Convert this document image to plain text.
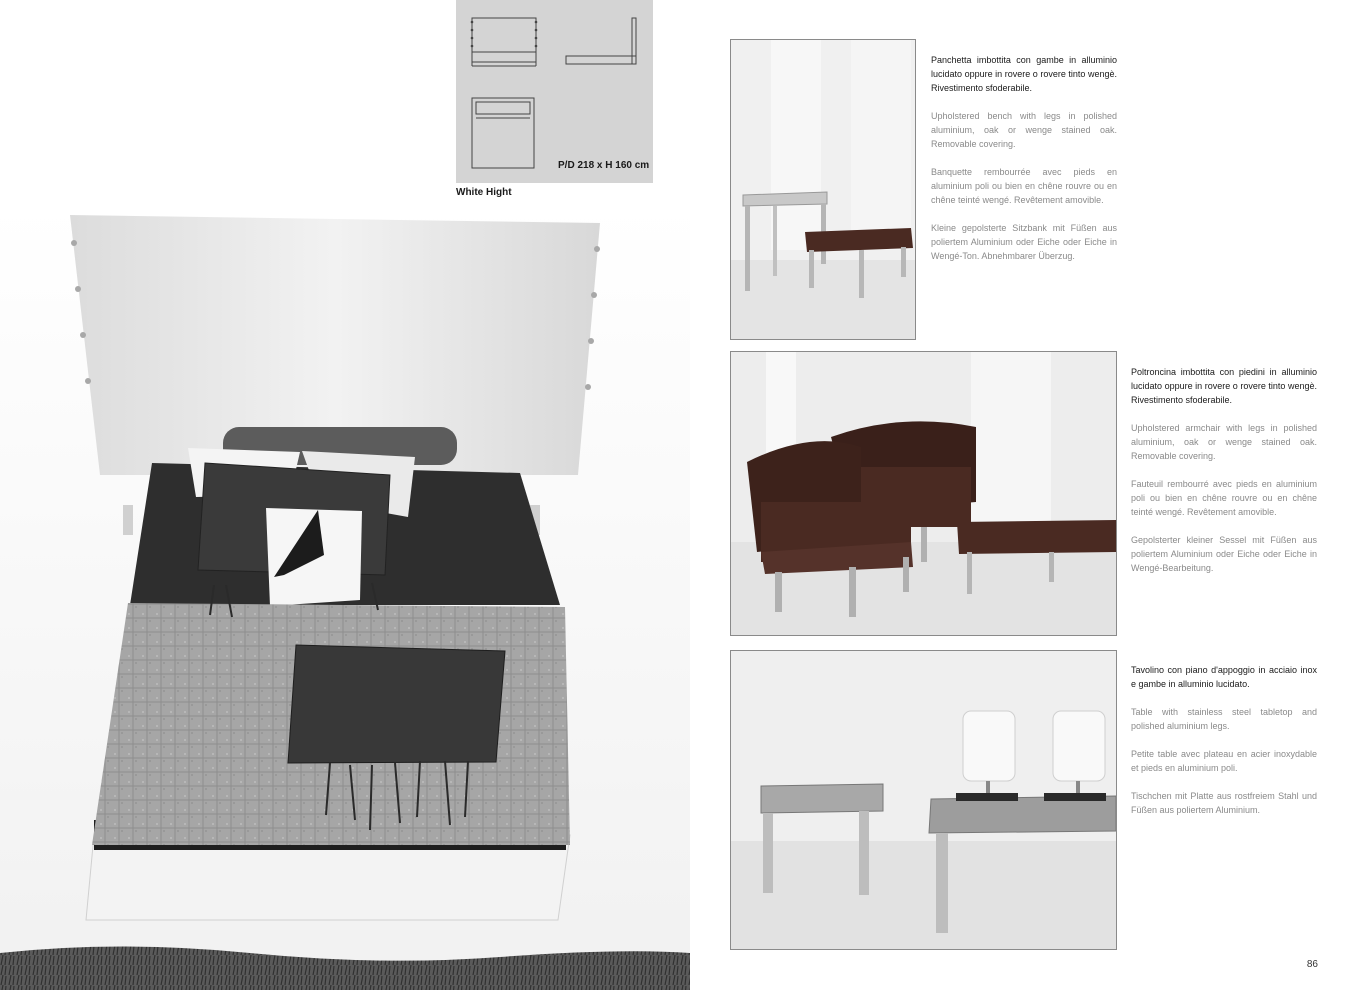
P/D 218 x H 160 cm
White Hight

Panchetta imbottita con gambe in alluminio lucidato oppure in rovere o rovere tinto wengè. Rivestimento sfoderabile.

Upholstered bench with legs in polished aluminium, oak or wenge stained oak. Removable covering.

Banquette rembourrée avec pieds en aluminium poli ou bien en chêne rouvre ou en chêne teinté wengé. Revêtement amovible.

Kleine gepolsterte Sitzbank mit Füßen aus poliertem Aluminium oder Eiche oder Eiche in Wengé-Ton. Abnehmbarer Überzug.

Poltroncina imbottita con piedini in alluminio lucidato oppure in rovere o rovere tinto wengè. Rivestimento sfoderabile.

Upholstered armchair with legs in polished aluminium, oak or wenge stained oak. Removable covering.

Fauteuil rembourré avec pieds en aluminium poli ou bien en chêne rouvre ou en chêne teinté wengé. Revêtement amovible.

Gepolsterter kleiner Sessel mit Füßen aus poliertem Aluminium oder Eiche oder Eiche in Wengé-Bearbeitung.

Tavolino con piano d'appoggio in acciaio inox e gambe in alluminio lucidato.

Table with stainless steel tabletop and polished aluminium legs.

Petite table avec plateau en acier inoxydable et pieds en aluminium poli.

Tischchen mit Platte aus rostfreiem Stahl und Füßen aus poliertem Aluminium.

86
